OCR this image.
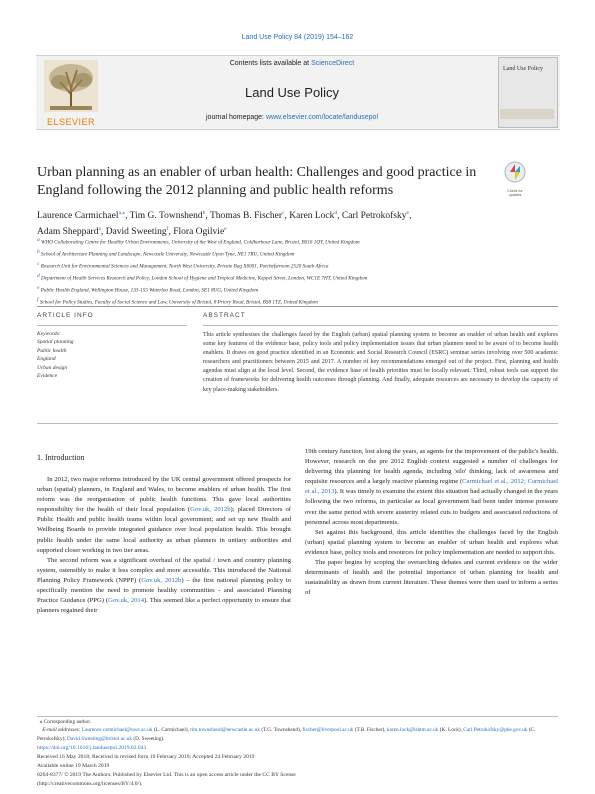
Land Use Policy 84 (2019) 154–162
ELSEVIER
Contents lists available at ScienceDirect
Land Use Policy
journal homepage: www.elsevier.com/locate/landusepol
Land Use Policy
Urban planning as an enabler of urban health: Challenges and good practice in England following the 2012 planning and public health reforms	Check for updates
Laurence Carmichael$^{a,⁎}$, Tim G. Townshend$^b$, Thomas B. Fischer$^c$, Karen Lock$^d$, Carl Petrokofsky$^e$,
Adam Sheppard$^a$, David Sweeting$^f$, Flora Ogilvie$^e$
$^a$ WHO Collaborating Centre for Healthy Urban Environments, University of the West of England, Coldharbour Lane, Bristol, BS16 1QY, United Kingdom
$^b$ School of Architecture Planning and Landscape, Newcastle University, Newcastle Upon Tyne, NE1 7RU, United Kingdom
$^c$ Research Unit for Environmental Sciences and Management, North West University, Private Bag X6001, Potchefstroom 2520 South Africa
$^d$ Department of Health Services Research and Policy, London School of Hygiene and Tropical Medicine, Keppel Street, London, WC1E 7HT, United Kingdom
$^e$ Public Health England, Wellington House, 133-155 Waterloo Road, London, SE1 8UG, United Kingdom
$^f$ School for Policy Studies, Faculty of Social Science and Law, University of Bristol, 8 Priory Road, Bristol, BS8 1TZ, United Kingdom
ARTICLE INFO	ABSTRACT
Keywords:
Spatial planning
Public health
England
Urban design
Evidence
This article synthesises the challenges faced by the English (urban) spatial planning system to become an enabler of urban health and explores some key features of the evidence base, policy tools and policy implementation issues that urban planners need to be aware of to become health enablers. It draws on good practice identified in an Economic and Social Research Council (ESRC) seminar series involving over 500 academic researchers and practitioners between 2015 and 2017. A number of key recommendations emerged out of the project. First, planning and health agendas must align at the local level. Second, the evidence base of health priorities must be locally relevant. Third, robust tools can support the creation of frameworks for delivering health outcomes through planning. And finally, adequate resources are necessary to develop the capacity of key place-making stakeholders.
1. Introduction

In 2012, two major reforms introduced by the UK central government offered prospects for urban (spatial) planners, in England and Wales, to become enablers of urban health. The first reform was the reorganisation of public health functions. This gave local authorities responsibility for the health of their local population (Gov.uk, 2012b); placed Directors of Public Health and public health teams within local government; and set up new Health and Wellbeing Boards to provide integrated guidance over local population health. This brought public health under the same local authority as urban planners in unitary authorities and supported closer working in two tier areas.

The second reform was a significant overhaul of the spatial / town and country planning system, ostensibly to make it less complex and more accessible. This introduced the National Planning Policy Framework (NPPF) (Gov.uk, 2012b) – the first national planning policy to specifically mention the need to promote healthy communities - and associated Planning Practice Guidance (PPG) (Gov.uk, 2014). This seemed like a perfect opportunity to ensure that planners regained their

19th century function, lost along the years, as agents for the improvement of the public's health. However, research on the pre 2012 English context suggested a number of challenges for delivering this planning for health agenda, including 'silo' thinking, lack of awareness and requisite resources and a largely reactive planning regime (Carmichael et al., 2012; Carmichael et al., 2013). It was timely to examine the extent this situation had actually changed in the years following the two reforms, in particular as local government had been under intense pressure over the same period with severe austerity related cuts to budgets and associated reductions of personnel across most departments.

Set against this background, this article identifies the challenges faced by the English (urban) spatial planning system to become an enabler of urban health and explores what evidence base, policy tools and resources for policy implementation are needed to support this.

The paper begins by scoping the overarching debates and current evidence on the wider determinants of health and the potential importance of urban planning for health and sustainability as drawn from current literature. These themes were then used to inform a series of

⁎ Corresponding author.
E-mail addresses: Laurence.carmichael@uwe.ac.uk (L. Carmichael), tim.townshend@newcastle.ac.uk (T.G. Townshend), fischer@liverpool.ac.uk (T.B. Fischer), karen.lock@lshtm.ac.uk (K. Lock), Carl.Petrokofsky@phe.gov.uk (C. Petrokofsky), David.Sweeting@bristol.ac.uk (D. Sweeting).
https://doi.org/10.1016/j.landusepol.2019.02.043
Received 16 May 2018; Received in revised form 19 February 2019; Accepted 24 February 2019
Available online 19 March 2019
0264-8377/ © 2019 The Authors. Published by Elsevier Ltd. This is an open access article under the CC BY license
(http://creativecommons.org/licenses/BY/4.0/).
